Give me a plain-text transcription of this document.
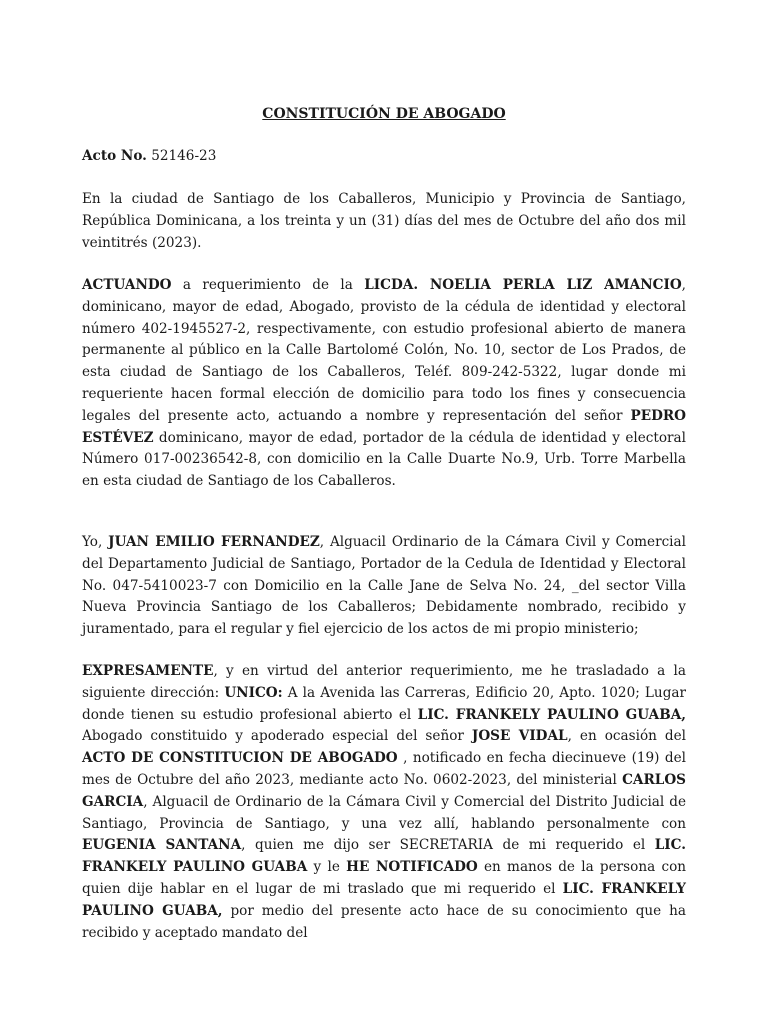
CONSTITUCIÓN DE ABOGADO

Acto No. 52146-23

En la ciudad de Santiago de los Caballeros, Municipio y Provincia de Santiago, República Dominicana, a los treinta y un (31) días del mes de Octubre del año dos mil veintitrés (2023).

ACTUANDO a requerimiento de la LICDA. NOELIA PERLA LIZ AMANCIO, dominicano, mayor de edad, Abogado, provisto de la cédula de identidad y electoral número 402-1945527-2, respectivamente, con estudio profesional abierto de manera permanente al público en la Calle Bartolomé Colón, No. 10, sector de Los Prados, de esta ciudad de Santiago de los Caballeros, Teléf. 809-242-5322, lugar donde mi requeriente hacen formal elección de domicilio para todo los fines y consecuencia legales del presente acto, actuando a nombre y representación del señor PEDRO ESTÉVEZ dominicano, mayor de edad, portador de la cédula de identidad y electoral Número 017-00236542-8, con domicilio en la Calle Duarte No.9, Urb. Torre Marbella en esta ciudad de Santiago de los Caballeros.

Yo, JUAN EMILIO FERNANDEZ, Alguacil Ordinario de la Cámara Civil y Comercial del Departamento Judicial de Santiago, Portador de la Cedula de Identidad y Electoral No. 047-5410023-7 con Domicilio en la Calle Jane de Selva No. 24, _del sector Villa Nueva Provincia Santiago de los Caballeros; Debidamente nombrado, recibido y juramentado, para el regular y fiel ejercicio de los actos de mi propio ministerio;

EXPRESAMENTE, y en virtud del anterior requerimiento, me he trasladado a la siguiente dirección: UNICO: A la Avenida las Carreras, Edificio 20, Apto. 1020; Lugar donde tienen su estudio profesional abierto el LIC. FRANKELY PAULINO GUABA, Abogado constituido y apoderado especial del señor JOSE VIDAL, en ocasión del ACTO DE CONSTITUCION DE ABOGADO , notificado en fecha diecinueve (19) del mes de Octubre del año 2023, mediante acto No. 0602-2023, del ministerial CARLOS GARCIA, Alguacil de Ordinario de la Cámara Civil y Comercial del Distrito Judicial de Santiago, Provincia de Santiago, y una vez allí, hablando personalmente con EUGENIA SANTANA, quien me dijo ser SECRETARIA de mi requerido el LIC. FRANKELY PAULINO GUABA y le HE NOTIFICADO en manos de la persona con quien dije hablar en el lugar de mi traslado que mi requerido el LIC. FRANKELY PAULINO GUABA, por medio del presente acto hace de su conocimiento que ha recibido y aceptado mandato del
